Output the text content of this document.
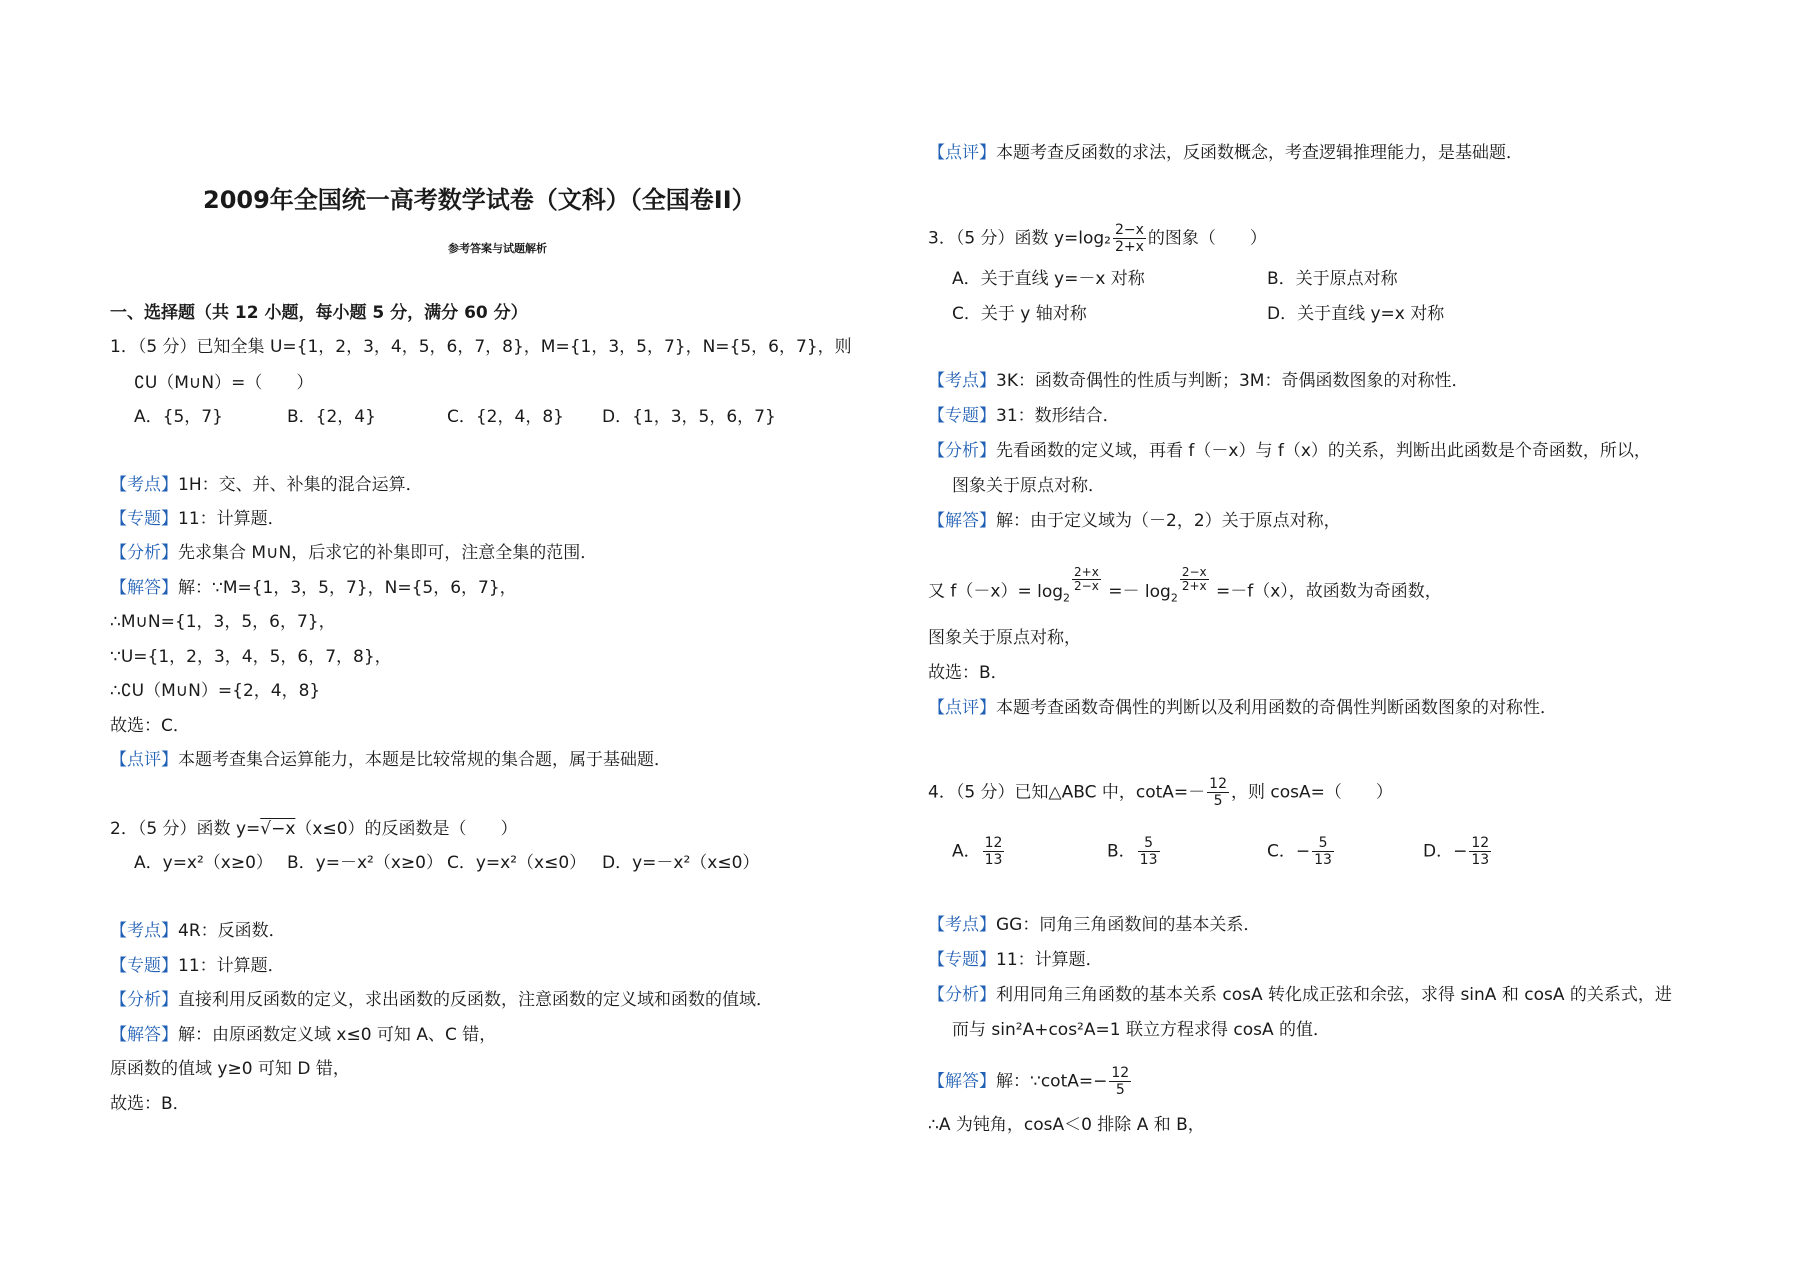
2009年全国统一高考数学试卷（文科）（全国卷II）
参考答案与试题解析
一、选择题（共 12 小题，每小题 5 分，满分 60 分）
1．（5 分）已知全集 U={1，2，3，4，5，6，7，8}，M={1，3，5，7}，N={5，6，7}，则
∁U（M∪N）=（　　）
A．{5，7}	B．{2，4}	C．{2，4，8} D．{1，3，5，6，7}
【考点】1H：交、并、补集的混合运算．
【专题】11：计算题．
【分析】先求集合 M∪N，后求它的补集即可，注意全集的范围．
【解答】解：∵M={1，3，5，7}，N={5，6，7}，
∴M∪N={1，3，5，6，7}，
∵U={1，2，3，4，5，6，7，8}，
∴∁U（M∪N）={2，4，8}
故选：C．
【点评】本题考查集合运算能力，本题是比较常规的集合题，属于基础题．
2．（5 分）函数 y=√−x（x≤0）的反函数是（　　）
A．y=x²（x≥0） B．y=－x²（x≥0） C．y=x²（x≤0） D．y=－x²（x≤0）
【考点】4R：反函数．
【专题】11：计算题．
【分析】直接利用反函数的定义，求出函数的反函数，注意函数的定义域和函数的值域．
【解答】解：由原函数定义域 x≤0 可知 A、C 错，
原函数的值域 y≥0 可知 D 错，
故选：B．
【点评】本题考查反函数的求法，反函数概念，考查逻辑推理能力，是基础题．
3．（5 分）函数 $y=\log_2 \frac{2-x}{2+x}$ 的图象（　　）
A．关于直线 y=－x 对称	B．关于原点对称
C．关于 y 轴对称	D．关于直线 y=x 对称
【考点】3K：函数奇偶性的性质与判断；3M：奇偶函数图象的对称性．
【专题】31：数形结合．
【分析】先看函数的定义域，再看 f（－x）与 f（x）的关系，判断出此函数是个奇函数，所以，
图象关于原点对称．
【解答】解：由于定义域为（－2，2）关于原点对称，
又 $f(-x)= \log_2$
$\frac{2+x}{2-x} =- \log_2$
$\frac{2-x}{2+x} =-f(x)$，故函数为奇函数，
图象关于原点对称，
故选：B．
【点评】本题考查函数奇偶性的判断以及利用函数的奇偶性判断函数图象的对称性．
4．（5 分）已知△ABC 中，$\cot A=- \frac{12}{5}$ ，则 cosA=（　　）
A． $\frac{12}{13}$	B． $\frac{5}{13}$	C．− $\frac{5}{13}$	D．− $\frac{12}{13}$
【考点】GG：同角三角函数间的基本关系．
【专题】11：计算题．
【分析】利用同角三角函数的基本关系 cosA 转化成正弦和余弦，求得 sinA 和 cosA 的关系式，进
而与 sin²A+cos²A=1 联立方程求得 cosA 的值．
【解答】解：∵cotA=− $\frac{12}{5}$
∴A 为钝角，cosA＜0 排除 A 和 B，
